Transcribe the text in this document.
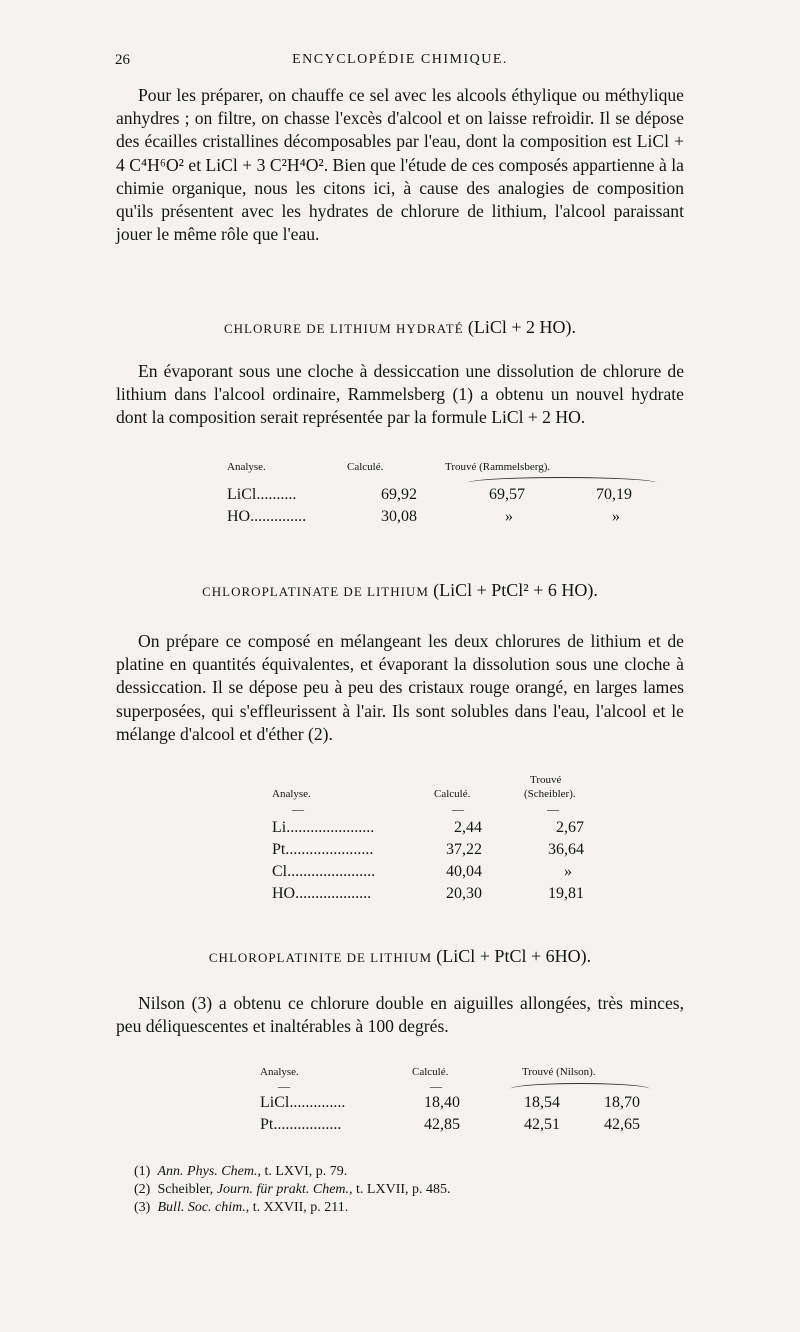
26	ENCYCLOPÉDIE CHIMIQUE.

Pour les préparer, on chauffe ce sel avec les alcools éthylique ou méthylique anhydres ; on filtre, on chasse l'excès d'alcool et on laisse refroidir. Il se dépose des écailles cristallines décomposables par l'eau, dont la composition est LiCl + 4 C⁴H⁶O² et LiCl + 3 C²H⁴O². Bien que l'étude de ces composés appartienne à la chimie organique, nous les citons ici, à cause des analogies de composition qu'ils présentent avec les hydrates de chlorure de lithium, l'alcool paraissant jouer le même rôle que l'eau.

CHLORURE DE LITHIUM HYDRATÉ (LiCl + 2 HO).

En évaporant sous une cloche à dessiccation une dissolution de chlorure de lithium dans l'alcool ordinaire, Rammelsberg (1) a obtenu un nouvel hydrate dont la composition serait représentée par la formule LiCl + 2 HO.

Analyse.	Calculé.	Trouvé (Rammelsberg).
LiCl..........	69,92	69,57	70,19
HO..............	30,08	»	»
CHLOROPLATINATE DE LITHIUM (LiCl + PtCl² + 6 HO).

On prépare ce composé en mélangeant les deux chlorures de lithium et de platine en quantités équivalentes, et évaporant la dissolution sous une cloche à dessiccation. Il se dépose peu à peu des cristaux rouge orangé, en larges lames superposées, qui s'effleurissent à l'air. Ils sont solubles dans l'eau, l'alcool et le mélange d'alcool et d'éther (2).

Trouvé
Analyse.	Calculé.	(Scheibler).
—	—	—
Li......................	2,44	2,67
Pt......................	37,22	36,64
Cl......................	40,04	»
HO...................	20,30	19,81
CHLOROPLATINITE DE LITHIUM (LiCl + PtCl + 6HO).

Nilson (3) a obtenu ce chlorure double en aiguilles allongées, très minces, peu déliquescentes et inaltérables à 100 degrés.

Analyse.	Calculé.	Trouvé (Nilson).
—	—
LiCl..............	18,40	18,54	18,70
Pt.................	42,85	42,51	42,65
(1) Ann. Phys. Chem., t. LXVI, p. 79.
(2) Scheibler, Journ. für prakt. Chem., t. LXVII, p. 485.
(3) Bull. Soc. chim., t. XXVII, p. 211.
